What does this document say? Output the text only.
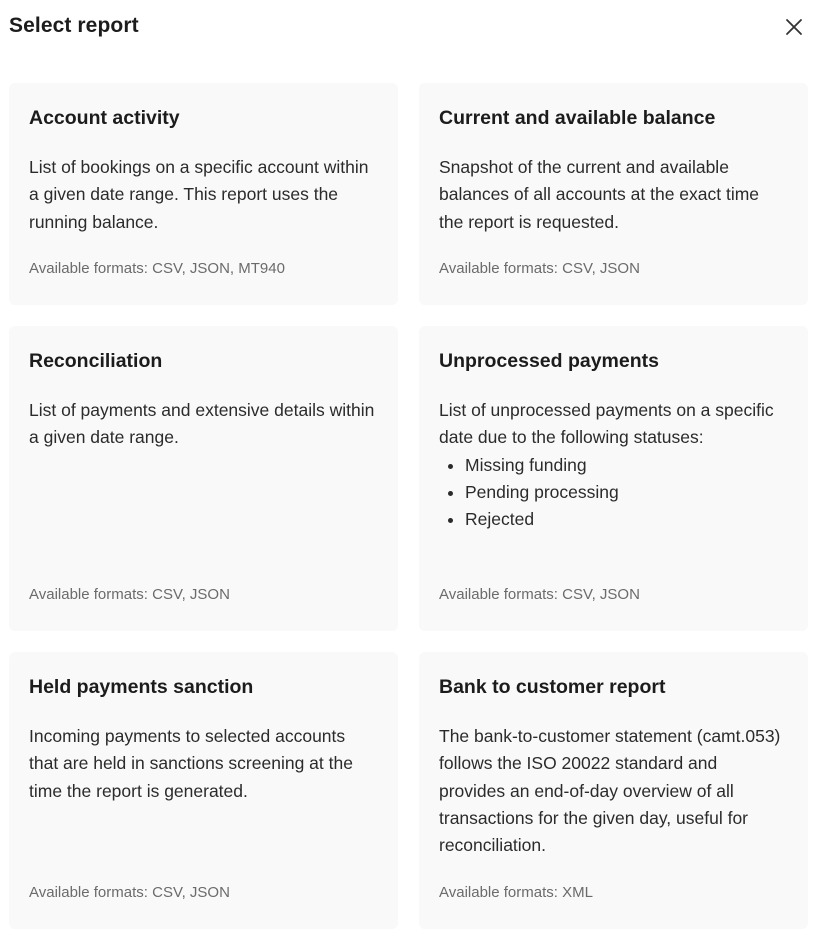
Select report
Account activity
List of bookings on a specific account within a given date range. This report uses the running balance.
Available formats: CSV, JSON, MT940
Current and available balance
Snapshot of the current and available balances of all accounts at the exact time the report is requested.
Available formats: CSV, JSON
Reconciliation
List of payments and extensive details within a given date range.
Available formats: CSV, JSON
Unprocessed payments
List of unprocessed payments on a specific date due to the following statuses:
• Missing funding
• Pending processing
• Rejected
Available formats: CSV, JSON
Held payments sanction
Incoming payments to selected accounts that are held in sanctions screening at the time the report is generated.
Available formats: CSV, JSON
Bank to customer report
The bank-to-customer statement (camt.053) follows the ISO 20022 standard and provides an end-of-day overview of all transactions for the given day, useful for reconciliation.
Available formats: XML
